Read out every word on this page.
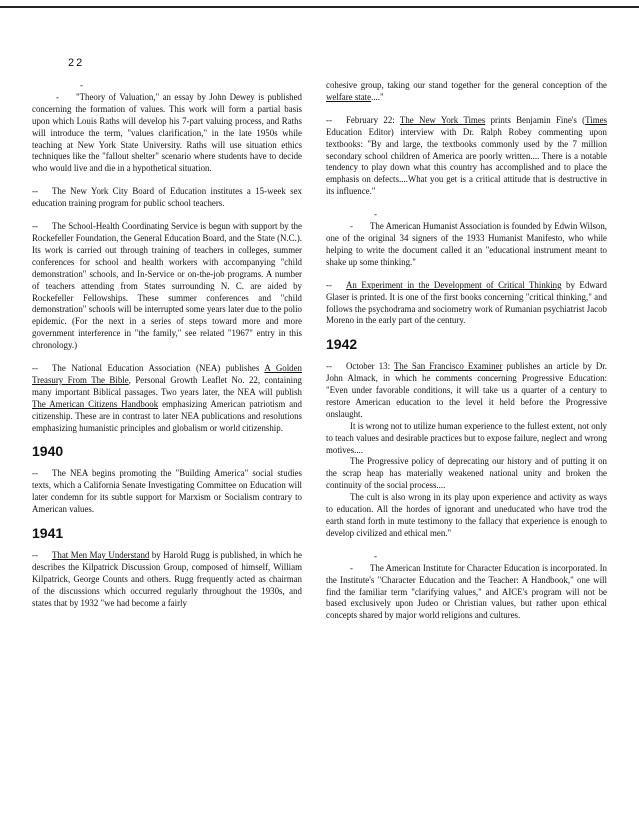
22

-- "Theory of Valuation," an essay by John Dewey is published concerning the formation of values. This work will form a partial basis upon which Louis Raths will develop his 7-part valuing process, and Raths will introduce the term, "values clarification," in the late 1950s while teaching at New York State University. Raths will use situation ethics techniques like the "fallout shelter" scenario where students have to decide who would live and die in a hypothetical situation.

-- The New York City Board of Education institutes a 15-week sex education training program for public school teachers.

-- The School-Health Coordinating Service is begun with support by the Rockefeller Foundation, the General Education Board, and the State (N.C.). Its work is carried out through training of teachers in colleges, summer conferences for school and health workers with accompanying "child demonstration" schools, and In-Service or on-the-job programs. A number of teachers attending from States surrounding N. C. are aided by Rockefeller Fellowships. These summer conferences and "child demonstration" schools will be interrupted some years later due to the polio epidemic. (For the next in a series of steps toward more and more government interference in "the family," see related "1967" entry in this chronology.)

-- The National Education Association (NEA) publishes A Golden Treasury From The Bible, Personal Growth Leaflet No. 22, containing many important Biblical passages. Two years later, the NEA will publish The American Citizens Handbook emphasizing American patriotism and citizenship. These are in contrast to later NEA publications and resolutions emphasizing humanistic principles and globalism or world citizenship.

1940

-- The NEA begins promoting the "Building America" social studies texts, which a California Senate Investigating Committee on Education will later condemn for its subtle support for Marxism or Socialism contrary to American values.

1941

-- That Men May Understand by Harold Rugg is published, in which he describes the Kilpatrick Discussion Group, composed of himself, William Kilpatrick, George Counts and others. Rugg frequently acted as chairman of the discussions which occurred regularly throughout the 1930s, and states that by 1932 "we had become a fairly

cohesive group, taking our stand together for the general conception of the welfare state...."

-- February 22: The New York Times prints Benjamin Fine's (Times Education Editor) interview with Dr. Ralph Robey commenting upon textbooks: "By and large, the textbooks commonly used by the 7 million secondary school children of America are poorly written.... There is a notable tendency to play down what this country has accomplished and to place the emphasis on defects....What you get is a critical attitude that is destructive in its influence."

-- The American Humanist Association is founded by Edwin Wilson, one of the original 34 signers of the 1933 Humanist Manifesto, who while helping to write the document called it an "educational instrument meant to shake up some thinking."

-- An Experiment in the Development of Critical Thinking by Edward Glaser is printed. It is one of the first books concerning "critical thinking," and follows the psychodrama and sociometry work of Rumanian psychiatrist Jacob Moreno in the early part of the century.

1942

-- October 13: The San Francisco Examiner publishes an article by Dr. John Almack, in which he comments concerning Progressive Education: "Even under favorable conditions, it will take us a quarter of a century to restore American education to the level it held before the Progressive onslaught.

It is wrong not to utilize human experience to the fullest extent, not only to teach values and desirable practices but to expose failure, neglect and wrong motives....

The Progressive policy of deprecating our history and of putting it on the scrap heap has materially weakened national unity and broken the continuity of the social process....

The cult is also wrong in its play upon experience and activity as ways to education. All the hordes of ignorant and uneducated who have trod the earth stand forth in mute testimony to the fallacy that experience is enough to develop civilized and ethical men."

-- The American Institute for Character Education is incorporated. In the Institute's "Character Education and the Teacher: A Handbook," one will find the familiar term "clarifying values," and AICE's program will not be based exclusively upon Judeo or Christian values, but rather upon ethical concepts shared by major world religions and cultures.
